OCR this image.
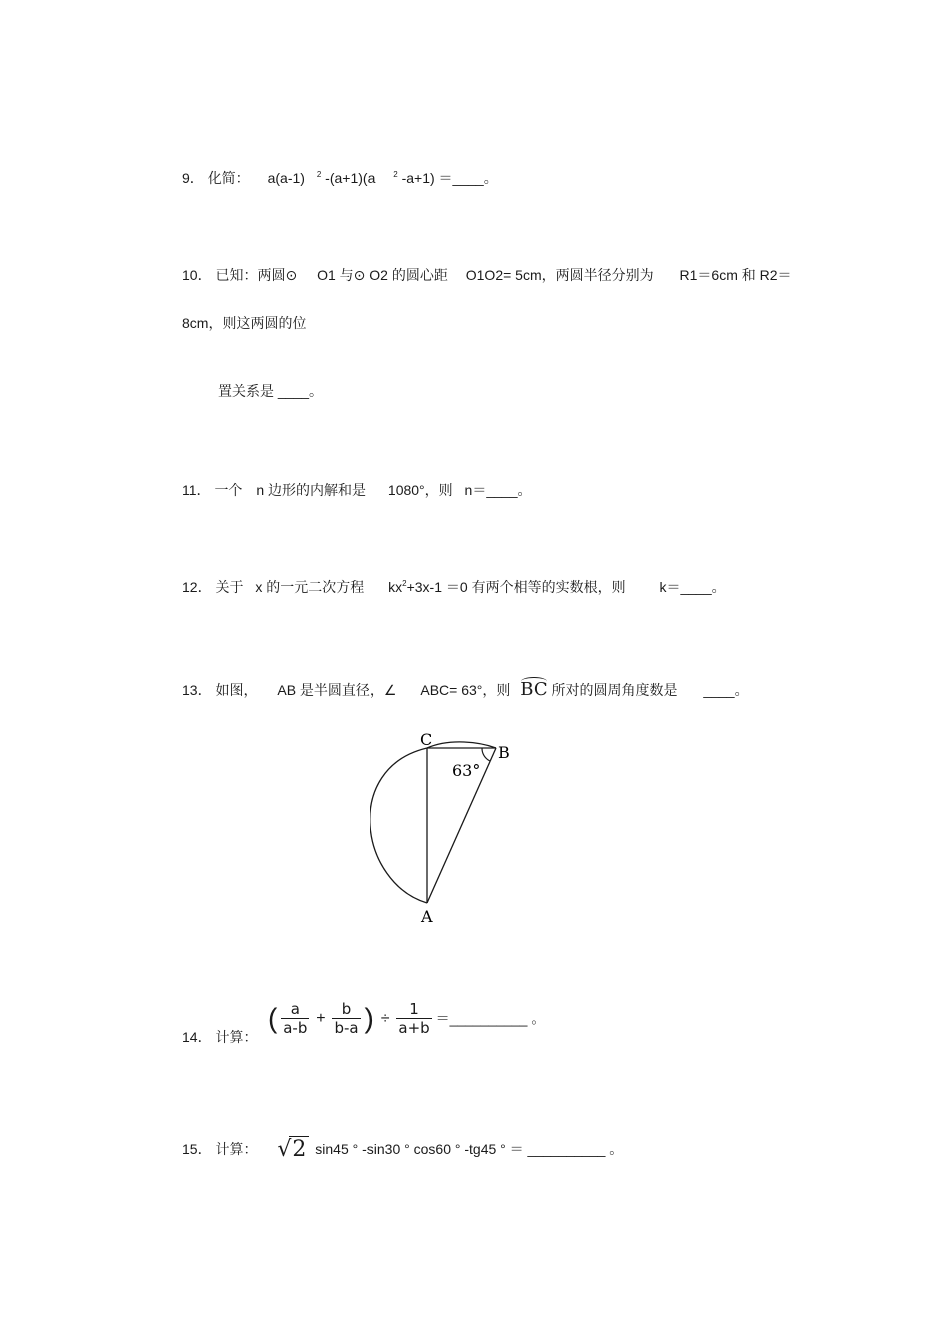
9． 化简： a(a-1) $^2$ -(a+1)(a $^2$ -a+1) ＝____。
10． 已知：两圆⊙ O1 与⊙ O2 的圆心距 O1O2= 5cm，两圆半径分别为 R1＝6cm 和 R2＝
8cm，则这两圆的位
置关系是 ____。
11． 一个 n 边形的内解和是 1080°，则 n＝____。
12． 关于 x 的一元二次方程 $kx^2+3x-1 =0$ 有两个相等的实数根，则 k＝____。
13． 如图， AB 是半圆直径，∠ ABC= 63°，则 BC 所对的圆周角度数是 ____。
C
B
A
63°
14． 计算：
( $\frac{a}{a-b} + \frac{b}{b-a}$ ) ÷ $\frac{1}{a+b}$ ＝__________ 。
15． 计算： √2 sin45 ° -sin30 ° cos60 ° -tg45 ° ＝ __________ 。
